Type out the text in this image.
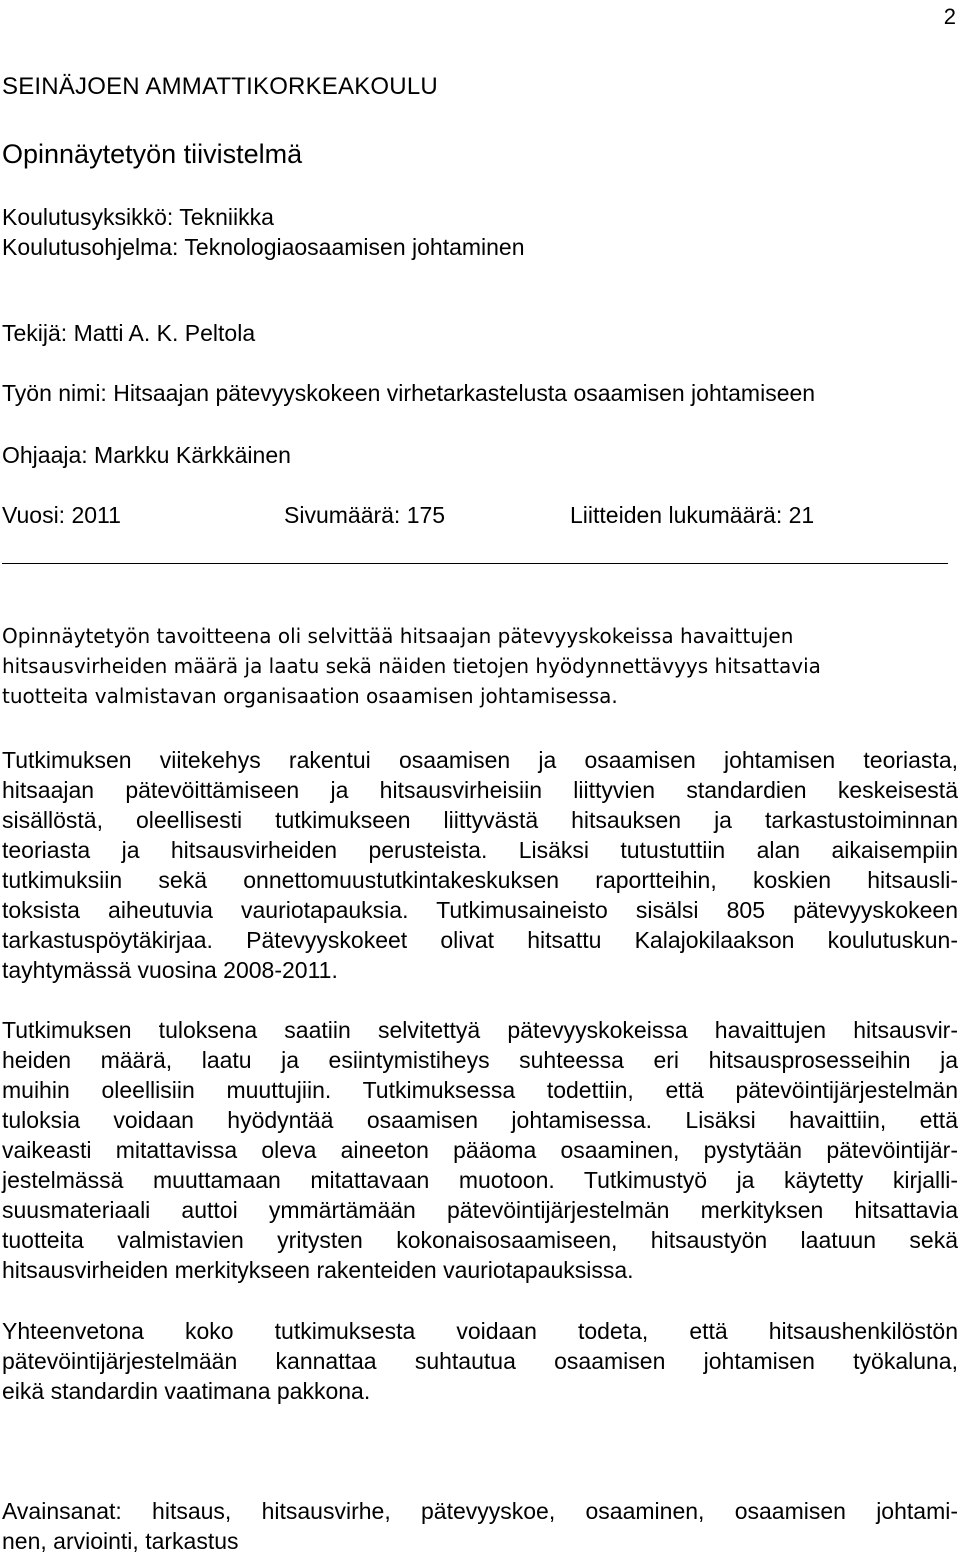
2
SEINÄJOEN AMMATTIKORKEAKOULU
Opinnäytetyön tiivistelmä
Koulutusyksikkö: Tekniikka
Koulutusohjelma: Teknologiaosaamisen johtaminen
Tekijä: Matti A. K. Peltola
Työn nimi: Hitsaajan pätevyyskokeen virhetarkastelusta osaamisen johtamiseen
Ohjaaja: Markku Kärkkäinen
Vuosi: 2011	Sivumäärä: 175	Liitteiden lukumäärä: 21
Opinnäytetyön tavoitteena oli selvittää hitsaajan pätevyyskokeissa havaittujen
hitsausvirheiden määrä ja laatu sekä näiden tietojen hyödynnettävyys hitsattavia
tuotteita valmistavan organisaation osaamisen johtamisessa.
Tutkimuksen viitekehys rakentui osaamisen ja osaamisen johtamisen teoriasta,
hitsaajan pätevöittämiseen ja hitsausvirheisiin liittyvien standardien keskeisestä
sisällöstä, oleellisesti tutkimukseen liittyvästä hitsauksen ja tarkastustoiminnan
teoriasta ja hitsausvirheiden perusteista. Lisäksi tutustuttiin alan aikaisempiin
tutkimuksiin sekä onnettomuustutkintakeskuksen raportteihin, koskien hitsausli-
toksista aiheutuvia vauriotapauksia. Tutkimusaineisto sisälsi 805 pätevyyskokeen
tarkastuspöytäkirjaa. Pätevyyskokeet olivat hitsattu Kalajokilaakson koulutuskun-
tayhtymässä vuosina 2008-2011.
Tutkimuksen tuloksena saatiin selvitettyä pätevyyskokeissa havaittujen hitsausvir-
heiden määrä, laatu ja esiintymistiheys suhteessa eri hitsausprosesseihin ja
muihin oleellisiin muuttujiin. Tutkimuksessa todettiin, että pätevöintijärjestelmän
tuloksia voidaan hyödyntää osaamisen johtamisessa. Lisäksi havaittiin, että
vaikeasti mitattavissa oleva aineeton pääoma osaaminen, pystytään pätevöintijär-
jestelmässä muuttamaan mitattavaan muotoon. Tutkimustyö ja käytetty kirjalli-
suusmateriaali auttoi ymmärtämään pätevöintijärjestelmän merkityksen hitsattavia
tuotteita valmistavien yritysten kokonaisosaamiseen, hitsaustyön laatuun sekä
hitsausvirheiden merkitykseen rakenteiden vauriotapauksissa.
Yhteenvetona koko tutkimuksesta voidaan todeta, että hitsaushenkilöstön
pätevöintijärjestelmään kannattaa suhtautua osaamisen johtamisen työkaluna,
eikä standardin vaatimana pakkona.
Avainsanat: hitsaus, hitsausvirhe, pätevyyskoe, osaaminen, osaamisen johtami-
nen, arviointi, tarkastus
